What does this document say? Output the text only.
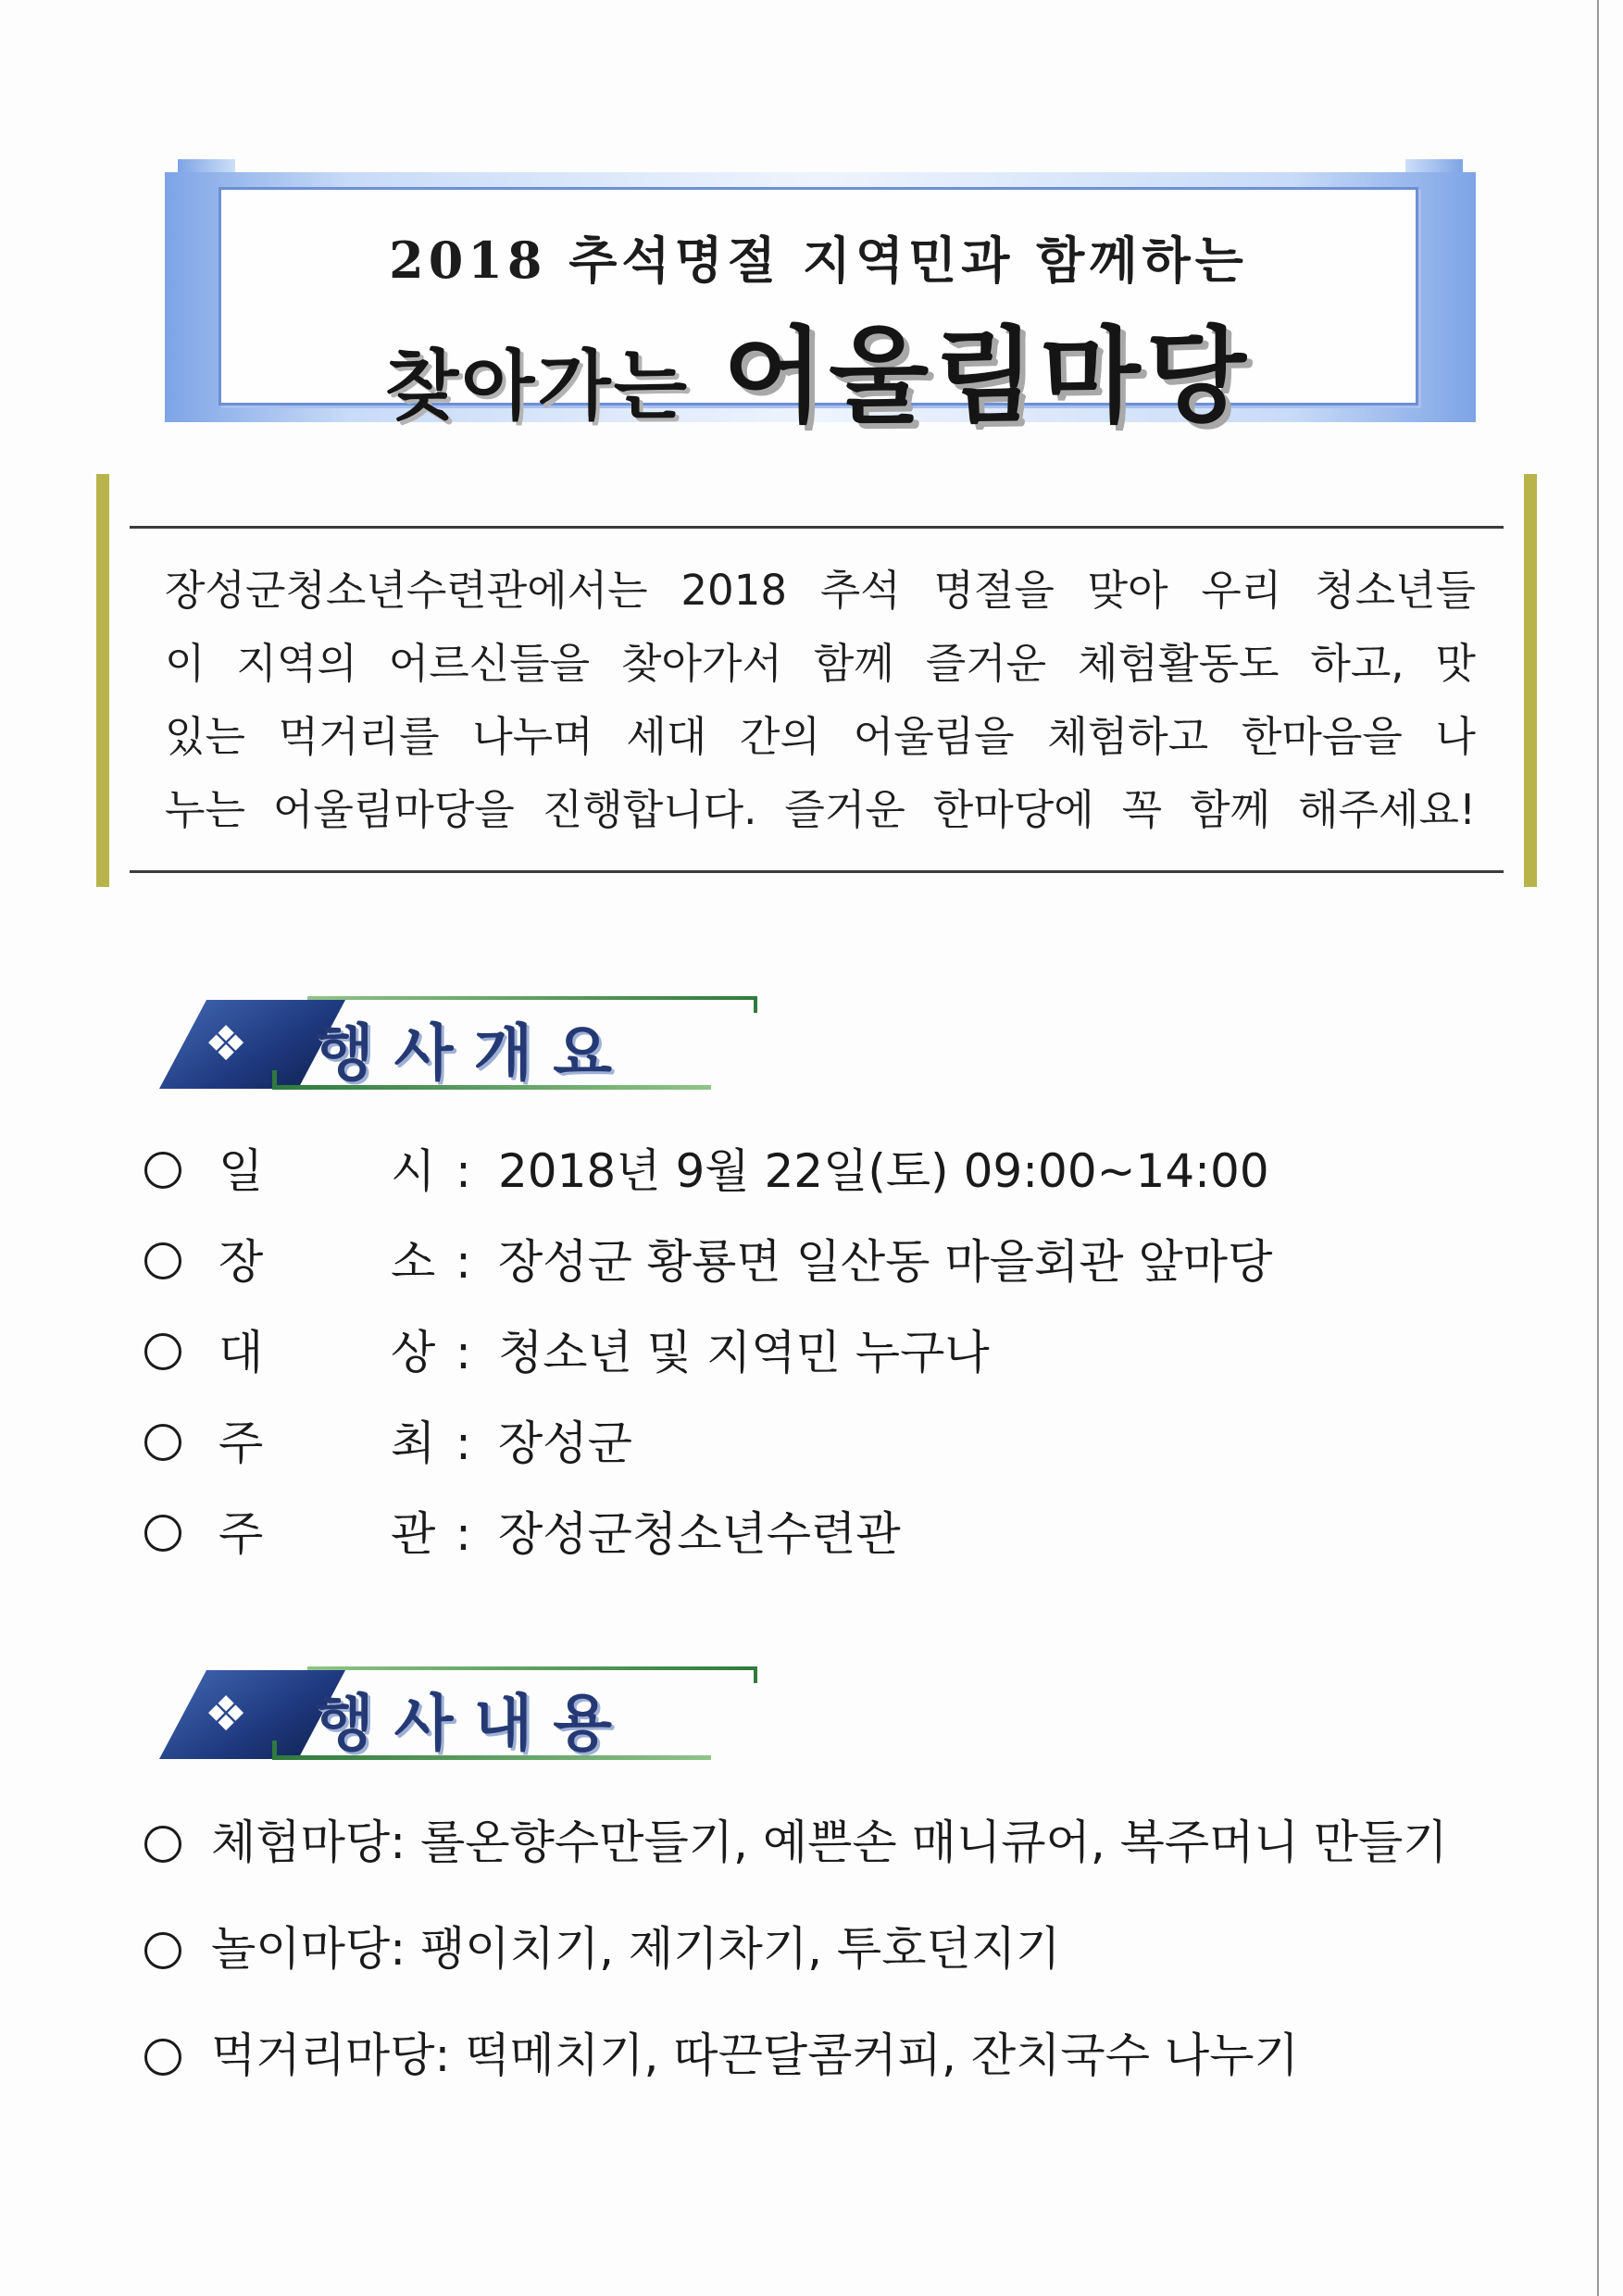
2018 추석명절 지역민과 함께하는
찾아가는 어울림마당

장성군청소년수련관에서는 2018 추석 명절을 맞아 우리 청소년들
이 지역의 어르신들을 찾아가서 함께 즐거운 체험활동도 하고, 맛
있는 먹거리를 나누며 세대 간의 어울림을 체험하고 한마음을 나
누는 어울림마당을 진행합니다. 즐거운 한마당에 꼭 함께 해주세요!

❖ 행사개요
일	시 : 2018년 9월 22일(토) 09:00~14:00
장	소 : 장성군 황룡면 일산동 마을회관 앞마당
대	상 : 청소년 및 지역민 누구나
주	최 : 장성군
주	관 : 장성군청소년수련관
❖ 행사내용
체험마당: 롤온향수만들기, 예쁜손 매니큐어, 복주머니 만들기
놀이마당: 팽이치기, 제기차기, 투호던지기
먹거리마당: 떡메치기, 따끈달콤커피, 잔치국수 나누기
